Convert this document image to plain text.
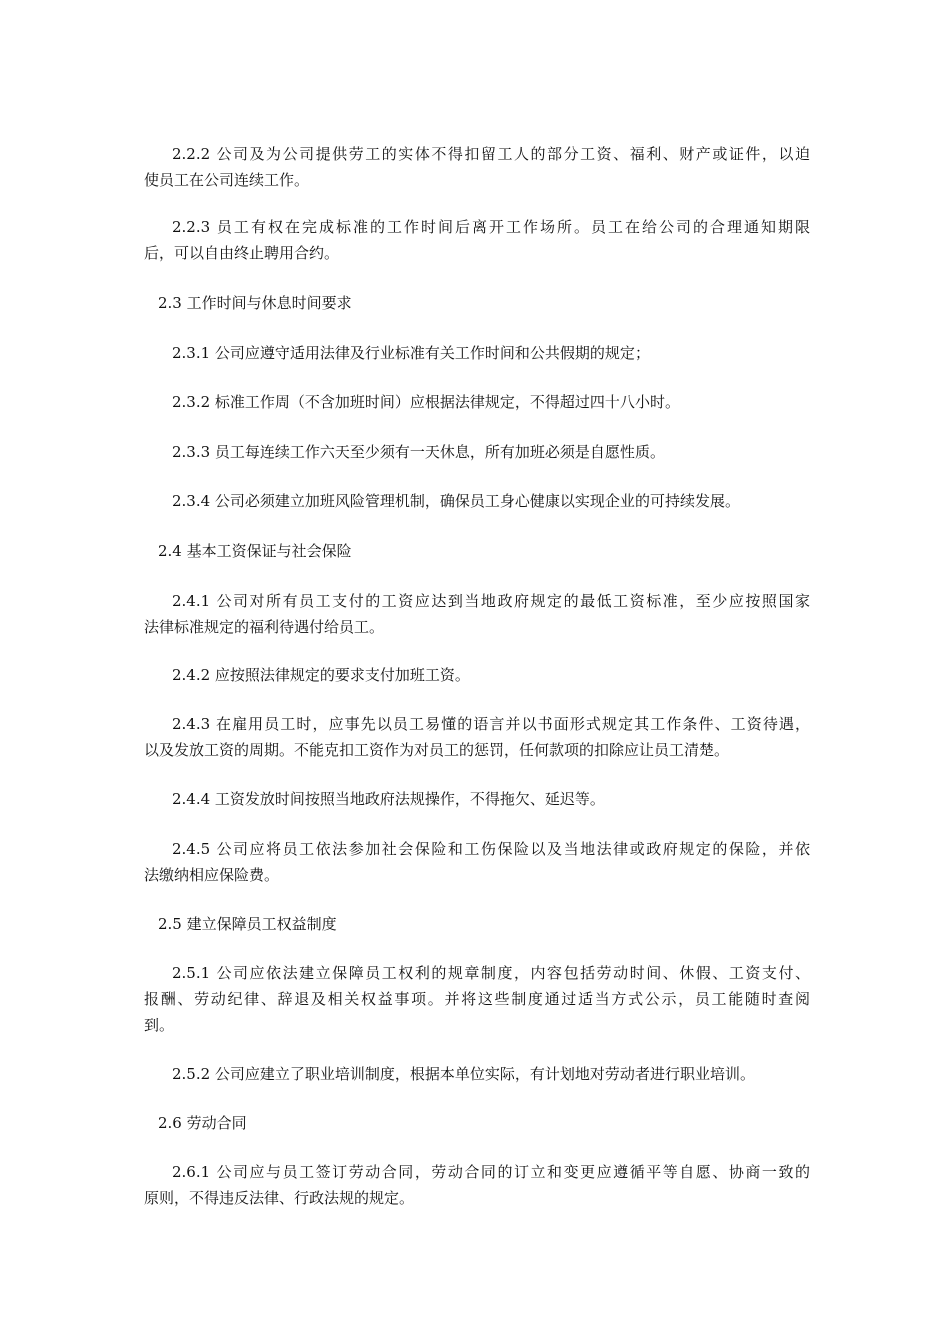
2.2.2 公司及为公司提供劳工的实体不得扣留工人的部分工资、福利、财产或证件，以迫
使员工在公司连续工作。

2.2.3 员工有权在完成标准的工作时间后离开工作场所。员工在给公司的合理通知期限
后，可以自由终止聘用合约。

2.3 工作时间与休息时间要求

2.3.1 公司应遵守适用法律及行业标准有关工作时间和公共假期的规定；

2.3.2 标准工作周（不含加班时间）应根据法律规定，不得超过四十八小时。

2.3.3 员工每连续工作六天至少须有一天休息，所有加班必须是自愿性质。

2.3.4 公司必须建立加班风险管理机制，确保员工身心健康以实现企业的可持续发展。

2.4 基本工资保证与社会保险

2.4.1 公司对所有员工支付的工资应达到当地政府规定的最低工资标准，至少应按照国家
法律标准规定的福利待遇付给员工。

2.4.2 应按照法律规定的要求支付加班工资。

2.4.3 在雇用员工时，应事先以员工易懂的语言并以书面形式规定其工作条件、工资待遇，
以及发放工资的周期。不能克扣工资作为对员工的惩罚，任何款项的扣除应让员工清楚。

2.4.4 工资发放时间按照当地政府法规操作，不得拖欠、延迟等。

2.4.5 公司应将员工依法参加社会保险和工伤保险以及当地法律或政府规定的保险，并依
法缴纳相应保险费。

2.5 建立保障员工权益制度

2.5.1 公司应依法建立保障员工权利的规章制度，内容包括劳动时间、休假、工资支付、
报酬、劳动纪律、辞退及相关权益事项。并将这些制度通过适当方式公示，员工能随时查阅
到。

2.5.2 公司应建立了职业培训制度，根据本单位实际，有计划地对劳动者进行职业培训。

2.6 劳动合同

2.6.1 公司应与员工签订劳动合同，劳动合同的订立和变更应遵循平等自愿、协商一致的
原则，不得违反法律、行政法规的规定。
